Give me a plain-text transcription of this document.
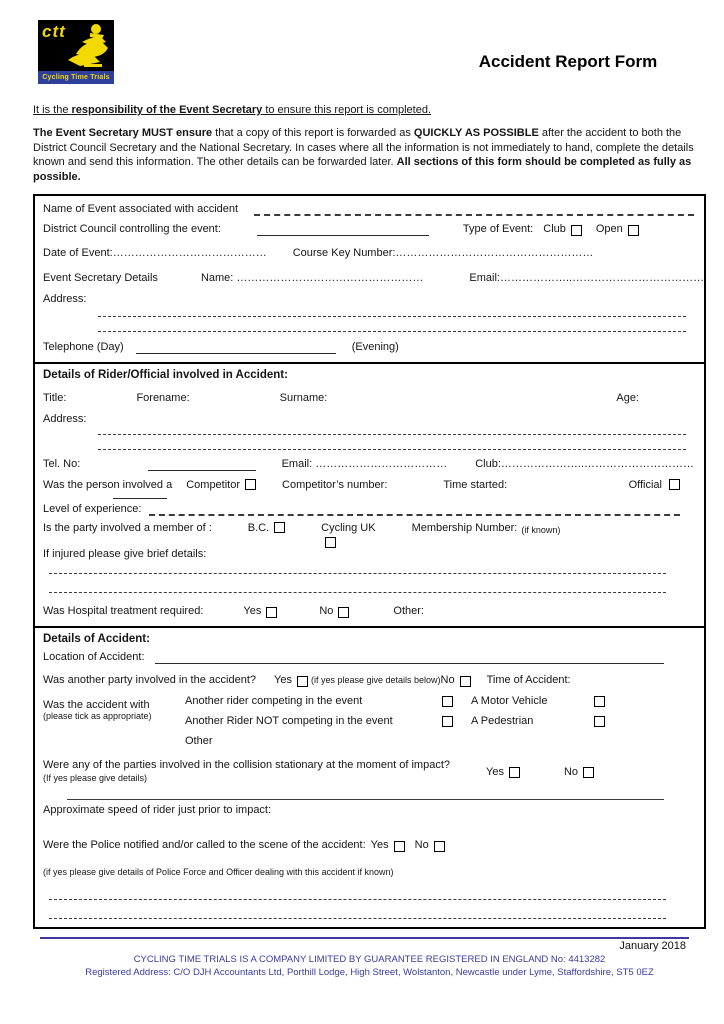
ctt
Cycling Time Trials
Accident Report Form
It is the responsibility of the Event Secretary to ensure this report is completed.
The Event Secretary MUST ensure that a copy of this report is forwarded as QUICKLY AS POSSIBLE after the accident to both the District Council Secretary and the National Secretary. In cases where all the information is not immediately to hand, complete the details known and send this information. The other details can be forwarded later. All sections of this form should be completed as fully as possible.
Name of Event associated with accident
District Council controlling the event:	Type of Event: Club	Open
Date of Event:…………………………………… Course Key Number:………………………………………………
Event Secretary Details	Name: ……………………………………………	Email:………………..………………………………
Address:
Telephone (Day)	(Evening)
Details of Rider/Official involved in Accident:
Title:	Forename:	Surname:	Age:
Address:
Tel. No:	Email: ………………………………	Club:…………………..…………………………
Was the person involved a Competitor	Competitor’s number:	Time started:	Official
Level of experience:
Is the party involved a member of :	B.C.	Cycling UK	Membership Number: (if known)
If injured please give brief details:
Was Hospital treatment required:	Yes	No	Other:
Details of Accident:
Location of Accident:
Was another party involved in the accident? Yes (if yes please give details below) No	Time of Accident:
Was the accident with
(please tick as appropriate)
Another rider competing in the event	A Motor Vehicle
Another Rider NOT competing in the event	A Pedestrian
Other
Were any of the parties involved in the collision stationary at the moment of impact?
(If yes please give details)
Yes	No
Approximate speed of rider just prior to impact:
Were the Police notified and/or called to the scene of the accident: Yes No
(if yes please give details of Police Force and Officer dealing with this accident if known)
January 2018
CYCLING TIME TRIALS IS A COMPANY LIMITED BY GUARANTEE REGISTERED IN ENGLAND No: 4413282
Registered Address: C/O DJH Accountants Ltd, Porthill Lodge, High Street, Wolstanton, Newcastle under Lyme, Staffordshire, ST5 0EZ
